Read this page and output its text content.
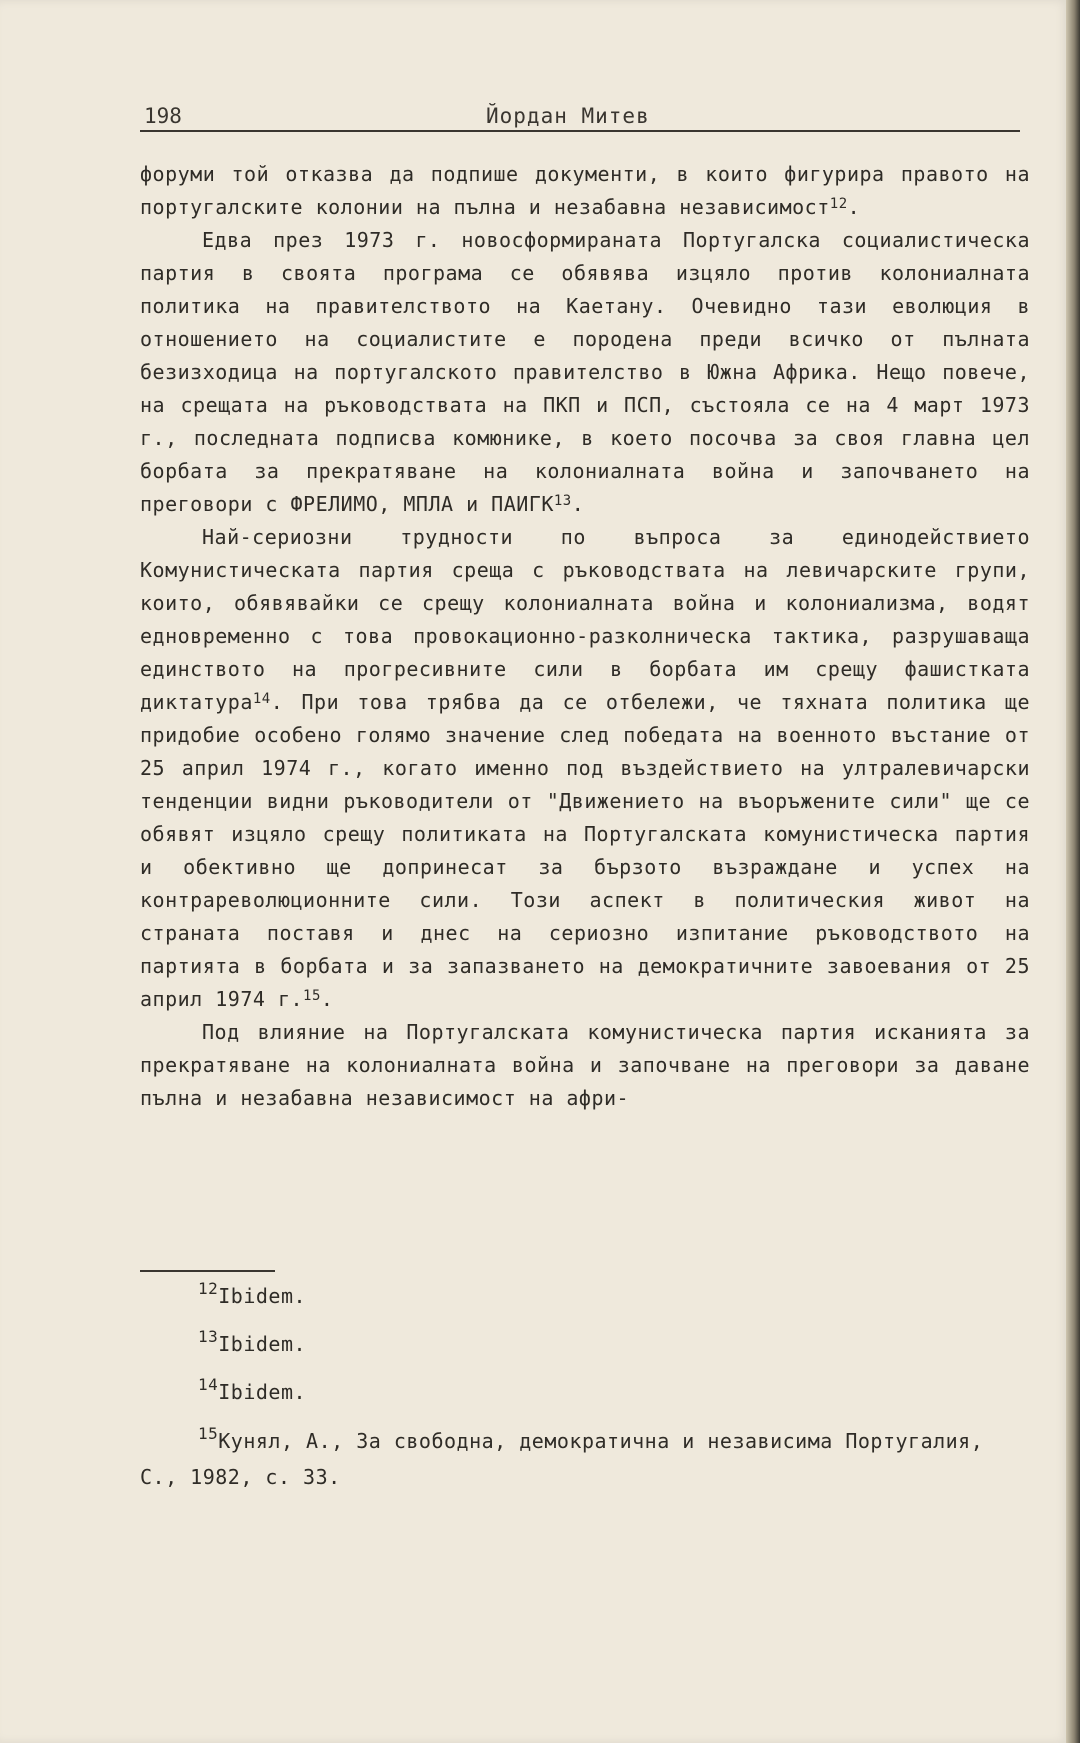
198	Йордан Митев

форуми той отказва да подпише документи, в които фигурира правото на португалските колонии на пълна и незабавна независимост$^{12}$.

Едва през 1973 г. новосформираната Португалска социалистическа партия в своята програма се обявява изцяло против колониалната политика на правителството на Каетану. Очевидно тази еволюция в отношението на социалистите е породена преди всичко от пълната безизходица на португалското правителство в Южна Африка. Нещо повече, на срещата на ръководствата на ПКП и ПСП, състояла се на 4 март 1973 г., последната подписва комюнике, в което посочва за своя главна цел борбата за прекратяване на колониалната война и започването на преговори с ФРЕЛИМО, МПЛА и ПАИГК$^{13}$.

Най-сериозни трудности по въпроса за единодействието Комунистическата партия среща с ръководствата на левичарските групи, които, обявявайки се срещу колониалната война и колониализма, водят едновременно с това провокационно-разколническа тактика, разрушаваща единството на прогресивните сили в борбата им срещу фашистката диктатура$^{14}$. При това трябва да се отбележи, че тяхната политика ще придобие особено голямо значение след победата на военното въстание от 25 април 1974 г., когато именно под въздействието на ултралевичарски тенденции видни ръководители от "Движението на въоръжените сили" ще се обявят изцяло срещу политиката на Португалската комунистическа партия и обективно ще допринесат за бързото възраждане и успех на контрареволюционните сили. Този аспект в политическия живот на страната поставя и днес на сериозно изпитание ръководството на партията в борбата и за запазването на демократичните завоевания от 25 април 1974 г.$^{15}$.

Под влияние на Португалската комунистическа партия исканията за прекратяване на колониалната война и започване на преговори за даване пълна и незабавна независимост на афри-

12Ibidem.
13Ibidem.
14Ibidem.
15Кунял, А., За свободна, демократична и независима Португалия, С., 1982, с. 33.
